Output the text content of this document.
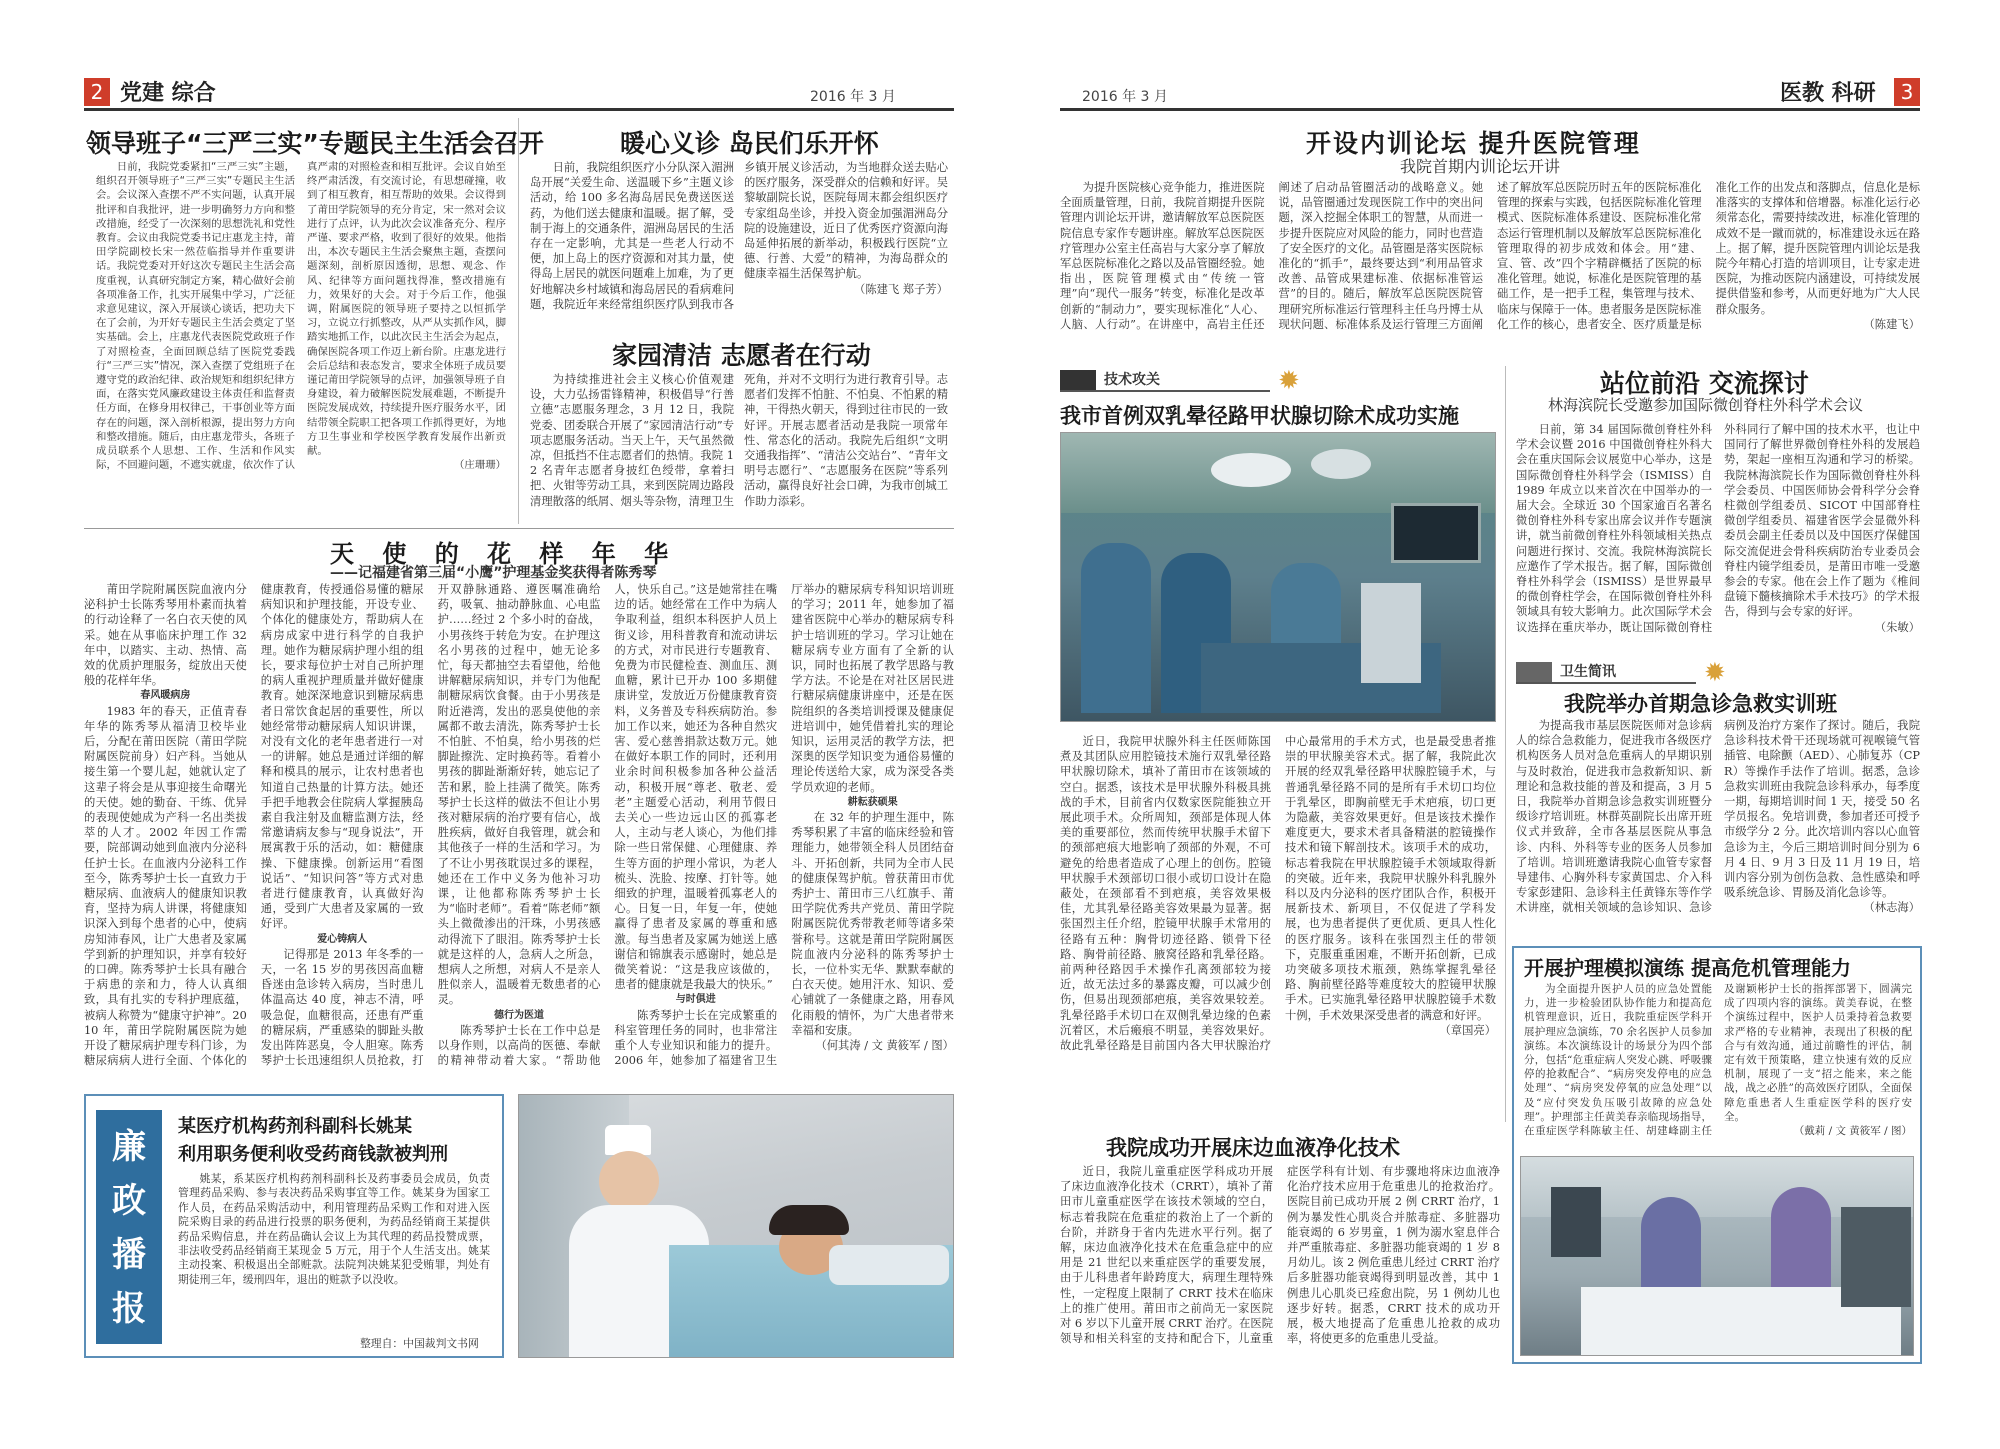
2 党建 综合	2016 年 3 月	2016 年 3 月	医教 科研	3
领导班子“三严三实”专题民主生活会召开

日前，我院党委紧扣“三严三实”主题，组织召开领导班子“三严三实”专题民主生活会。会议深入查摆不严不实问题，认真开展批评和自我批评，进一步明确努力方向和整改措施，经受了一次深刻的思想洗礼和党性教育。会议由我院党委书记庄惠龙主持，莆田学院副校长宋一然莅临指导并作重要讲话。我院党委对开好这次专题民主生活会高度重视，认真研究制定方案，精心做好会前各项准备工作，扎实开展集中学习，广泛征求意见建议，深入开展谈心谈话，把功夫下在了会前，为开好专题民主生活会奠定了坚实基础。会上，庄惠龙代表医院党政班子作了对照检查，全面回顾总结了医院党委践行“三严三实”情况，深入查摆了党组班子在遵守党的政治纪律、政治规矩和组织纪律方面，在落实党风廉政建设主体责任和监督责任方面，在修身用权律己，干事创业等方面存在的问题，深入剖析根源，提出努力方向和整改措施。随后，由庄惠龙带头，各班子成员联系个人思想、工作、生活和作风实际，不回避问题，不遮实就虚，依次作了认真严肃的对照检查和相互批评。会议自始至终严肃活泼，有交流讨论，有思想碰撞，收到了相互教育，相互帮助的效果。会议得到了莆田学院领导的充分肯定，宋一然对会议进行了点评，认为此次会议准备充分、程序严谨、要求严格，收到了很好的效果。他指出，本次专题民主生活会聚焦主题，查摆问题深刻，剖析原因透彻，思想、观念、作风、纪律等方面问题找得准，整改措施有力，效果好的大会。对于今后工作，他强调，附属医院的领导班子要持之以恒抓学习，立说立行抓整改，从严从实抓作风，脚踏实地抓工作，以此次民主生活会为起点，确保医院各项工作迈上新台阶。庄惠龙进行会后总结和表态发言，要求全体班子成员要谨记莆田学院领导的点评，加强领导班子自身建设，着力破解医院发展难题，不断提升医院发展成效，持续提升医疗服务水平，团结带领全院职工把各项工作抓得更好，为地方卫生事业和学校医学教育发展作出新贡献。

（庄珊珊）

暖心义诊 岛民们乐开怀

日前，我院组织医疗小分队深入湄洲岛开展“关爱生命、送温暖下乡”主题义诊活动，给 100 多名海岛居民免费送医送药，为他们送去健康和温暖。据了解，受制于海上的交通条件，湄洲岛居民的生活存在一定影响，尤其是一些老人行动不便，加上岛上的医疗资源和对其力量，使得岛上居民的就医问题难上加难，为了更好地解决乡村域镇和海岛居民的看病难问题，我院近年来经常组织医疗队到我市各乡镇开展义诊活动，为当地群众送去贴心的医疗服务，深受群众的信赖和好评。吴黎敏副院长说，医院每周末都会组织医疗专家组岛坐诊，并投入资金加强湄洲岛分院的设施建设，近日了优秀医疗资源向海岛延伸拓展的新举动，积极践行医院“立德、行善、大爱”的精神，为海岛群众的健康幸福生活保驾护航。

（陈建飞 郑子芳）

家园清洁 志愿者在行动

为持续推进社会主义核心价值观建设，大力弘扬雷锋精神，积极倡导“行善立德”志愿服务理念，3 月 12 日，我院党委、团委联合开展了“家园清洁行动”专项志愿服务活动。当天上午，天气虽然微凉，但抵挡不住志愿者们的热情。我院 12 名青年志愿者身披红色绶带，拿着扫把、火钳等劳动工具，来到医院周边路段清理散落的纸屑、烟头等杂物，清理卫生死角，并对不文明行为进行教育引导。志愿者们发挥不怕脏、不怕臭、不怕累的精神，干得热火朝天，得到过往市民的一致好评。开展志愿者活动是我院一项常年性、常态化的活动。我院先后组织“文明交通我指挥”、“清洁公交站台”、“青年文明号志愿行”、“志愿服务在医院”等系列活动，赢得良好社会口碑，为我市创城工作助力添彩。

天 使 的 花 样 年 华
——记福建省第三届“小鹰”护理基金奖获得者陈秀琴

莆田学院附属医院血液内分泌科护士长陈秀琴用朴素而执着的行动诠释了一名白衣天使的风采。她在从事临床护理工作 32 年中，以踏实、主动、热情、高效的优质护理服务，绽放出天使般的花样年华。

春风暖病房

1983 年的春天，正值青春年华的陈秀琴从福清卫校毕业后，分配在莆田医院（莆田学院附属医院前身）妇产科。当她从接生第一个婴儿起，她就认定了这辈子将会是从事迎接生命曙光的天使。她的勤奋、干练、优异的表现使她成为产科一名出类拔萃的人才。2002 年因工作需要，院部调动她到血液内分泌科任护士长。在血液内分泌科工作至今，陈秀琴护士长一直致力于糖尿病、血液病人的健康知识教育，坚持为病人讲课，将健康知识深入到每个患者的心中，使病房知沛春风，让广大患者及家属学到新的护理知识，并享有较好的口碑。陈秀琴护士长具有融合于病患的亲和力，待人认真细致，具有扎实的专科护理底蕴，被病人称赞为“健康守护神”。2010 年，莆田学院附属医院为她开设了糖尿病护理专科门诊，为糖尿病病人进行全面、个体化的健康教育，传授通俗易懂的糖尿病知识和护理技能，开设专业、个体化的健康处方，帮助病人在病房成家中进行科学的自我护理。她作为糖尿病护理小组的组长，要求每位护士对自己所护理的病人重视护理质量并做好健康教育。她深深地意识到糖尿病患者日常饮食起居的重要性，所以她经常带动糖尿病人知识讲课，对没有文化的老年患者进行一对一的讲解。她总是通过详细的解释和模具的展示，让农村患者也知道自己热量的计算方法。她还手把手地教会住院病人掌握胰岛素自我注射及血糖监测方法，经常邀请病友参与“现身说法”，开展寓教于乐的活动，如：糖健康操、下健康操。创新运用“看图说话”、“知识问答”等方式对患者进行健康教育，认真做好沟通，受到广大患者及家属的一致好评。

爱心铸病人

记得那是 2013 年冬季的一天，一名 15 岁的男孩因高血糖昏迷由急诊转入病房，当时患儿体温高达 40 度，神志不清，呼吸急促，血糖很高，还患有严重的糖尿病，严重感染的脚趾头散发出阵阵恶臭，令人胆寒。陈秀琴护士长迅速组织人员抢救，打开双静脉通路、遵医嘱准确给药，吸氧、抽动静脉血、心电监护……经过 2 个多小时的奋战，小男孩终于转危为安。在护理这名小男孩的过程中，她无论多忙，每天都抽空去看望他，给他讲解糖尿病知识，并专门为他配制糖尿病饮食餐。由于小男孩是附近港湾，发出的恶臭使他的亲属都不敢去清洗，陈秀琴护士长不怕脏、不怕臭，给小男孩的烂脚趾擦洗、定时换药等。看着小男孩的脚趾渐渐好转，她忘记了苦和累，脸上挂满了微笑。陈秀琴护士长这样的做法不但让小男孩对糖尿病的治疗要有信心，战胜疾病，做好自我管理，就会和其他孩子一样的生活和学习。为了不让小男孩耽误过多的课程，她还在工作中义务为他补习功课，让他都称陈秀琴护士长为“临时老师”。看着“陈老师”额头上微微渗出的汗珠，小男孩感动得流下了眼泪。陈秀琴护士长就是这样的人，急病人之所急，想病人之所想，对病人不是亲人胜似亲人，温暖着无数患者的心灵。

德行为医道

陈秀琴护士长在工作中总是以身作则，以高尚的医德、奉献的精神带动着大家。“帮助他人，快乐自己。”这是她常挂在嘴边的话。她经常在工作中为病人争取利益，组织本科医护人员上街义诊，用科普教育和流动讲坛的方式，对市民进行专题教育、免费为市民健检查、测血压、测血糖，累计已开办 100 多期健康讲堂，发放近万份健康教育资料，义务普及专科疾病防治。参加工作以来，她还为各种自然灾害、爱心慈善捐款达数万元。她在做好本职工作的同时，还利用业余时间积极参加各种公益活动，积极开展“尊老、敬老、爱老”主题爱心活动，利用节假日去关心一些边远山区的孤寡老人，主动与老人谈心，为他们排除一些日常保健、心理健康、养生等方面的护理小常识，为老人梳头、洗脸、按摩、打针等。她细致的护理，温暖着孤寡老人的心。日复一日，年复一年，使她赢得了患者及家属的尊重和感激。每当患者及家属为她送上感谢信和锦旗表示感谢时，她总是微笑着说：“这是我应该做的，患者的健康就是我最大的快乐。”

与时俱进

陈秀琴护士长在完成繁重的科室管理任务的同时，也非常注重个人专业知识和能力的提升。2006 年，她参加了福建省卫生厅举办的糖尿病专科知识培训班的学习；2011 年，她参加了福建省医院中心举办的糖尿病专科护士培训班的学习。学习让她在糖尿病专业方面有了全新的认识，同时也拓展了教学思路与教学方法。不论是在对社区居民进行糖尿病健康讲座中，还是在医院组织的各类培训授课及健康促进培训中，她凭借着扎实的理论知识，运用灵活的教学方法，把深奥的医学知识变为通俗易懂的理论传送给大家，成为深受各类学员欢迎的老师。

耕耘获硕果

在 32 年的护理生涯中，陈秀琴积累了丰富的临床经验和管理能力，她带领全科人员团结奋斗、开拓创新，共同为全市人民的健康保驾护航。曾获莆田市优秀护士、莆田市三八红旗手、莆田学院优秀共产党员、莆田学院附属医院优秀带教老师等诸多荣誉称号。这就是莆田学院附属医院血液内分泌科的陈秀琴护士长，一位朴实无华、默默奉献的白衣天使。她用汗水、知识、爱心铺就了一条健康之路，用春风化雨般的情怀，为广大患者带来幸福和安康。

（何其涛 / 文 黄筱军 / 图）

廉
政
播
报
某医疗机构药剂科副科长姚某
利用职务便利收受药商钱款被判刑

姚某，系某医疗机构药剂科副科长及药事委员会成员，负责管理药品采购、参与表决药品采购事宜等工作。姚某身为国家工作人员，在药品采购活动中，利用管理药品采购工作和对进入医院采购目录的药品进行投票的职务便利，为药品经销商王某提供药品采购信息，并在药品确认会议上为其代理的药品投赞成票，非法收受药品经销商王某现金 5 万元，用于个人生活支出。姚某主动投案、积极退出全部赃款。法院判决姚某犯受贿罪，判处有期徒刑三年，缓刑四年，退出的赃款予以没收。

整理自：中国裁判文书网
开设内训论坛 提升医院管理
我院首期内训论坛开讲

为提升医院核心竞争能力，推进医院全面质量管理，日前，我院首期提升医院管理内训论坛开讲，邀请解放军总医院医院信息专家作专题讲座。解放军总医院医疗管理办公室主任高岩与大家分享了解放军总医院标准化之路以及品管圈经验。她指出，医院管理模式由“传统一管理”向“现代一服务”转变，标准化是改革创新的“制动力”，要实现标准化“人心、人脑、人行动”。在讲座中，高岩主任还阐述了启动品管圈活动的战略意义。她说，品管圈通过发现医院工作中的突出问题，深入挖掘全体职工的智慧，从而进一步提升医院应对风险的能力，同时也营造了安全医疗的文化。品管圈是落实医院标准化的“抓手”，最终要达到“利用品管求改善、品管成果建标准、依据标准管运营”的目的。随后，解放军总医院医院管理研究所标准运行管理科主任乌丹博士从现状问题、标准体系及运行管理三方面阐述了解放军总医院历时五年的医院标准化管理的探索与实践，包括医院标准化管理模式、医院标准体系建设、医院标准化常态运行管理机制以及解放军总医院标准化管理取得的初步成效和体会。用“建、宣、管、改”四个字精辟概括了医院的标准化管理。她说，标准化是医院管理的基础工作，是一把手工程，集管理与技术、临床与保障于一体。患者服务是医院标准化工作的核心，患者安全、医疗质量是标准化工作的出发点和落脚点，信息化是标准落实的支撑体和倍增器。标准化运行必须常态化，需要持续改进，标准化管理的成效不是一蹴而就的，标准建设永远在路上。据了解，提升医院管理内训论坛是我院今年精心打造的培训项目，让专家走进医院，为推动医院内涵建设，可持续发展提供借鉴和参考，从而更好地为广大人民群众服务。

（陈建飞）

技术攻关	✹
我市首例双乳晕径路甲状腺切除术成功实施

近日，我院甲状腺外科主任医师陈国煮及其团队应用腔镜技术施行双乳晕径路甲状腺切除术，填补了莆田市在该领域的空白。据悉，该技术是甲状腺外科极具挑战的手术，目前省内仅数家医院能独立开展此项手术。众所周知，颈部是体现人体美的重要部位，然而传统甲状腺手术留下的颈部疤痕大地影响了颈部的外观，不可避免的给患者造成了心理上的创伤。腔镜甲状腺手术颈部切口很小或切口设计在隐蔽处，在颈部看不到疤痕，美容效果极佳，尤其乳晕径路美容效果最为显著。据张国烈主任介绍，腔镜甲状腺手术常用的径路有五种：胸骨切迹径路、锁骨下径路、胸骨前径路、腋窝径路和乳晕径路。前两种径路因手术操作孔离颈部较为接近，故无法过多的暴露皮瓣，可以减少创伤，但易出现颈部疤痕，美容效果较差。乳晕径路手术切口在双侧乳晕边缘的色素沉着区，术后瘢痕不明显，美容效果好。故此乳晕径路是目前国内各大甲状腺治疗中心最常用的手术方式，也是最受患者推崇的甲状腺美容术式。据了解，我院此次开展的经双乳晕径路甲状腺腔镜手术，与普通乳晕径路不同的是所有手术切口均位于乳晕区，即胸前壁无手术疤痕，切口更为隐蔽，美容效果更好。但是该技术操作难度更大，要求术者具备精湛的腔镜操作技术和镜下解剖技术。该项手术的成功，标志着我院在甲状腺腔镜手术领域取得新的突破。近年来，我院甲状腺外科乳腺外科以及内分泌科的医疗团队合作，积极开展新技术、新项目，不仅促进了学科发展，也为患者提供了更优质、更具人性化的医疗服务。该科在张国烈主任的带领下，克服重重困难，不断开拓创新，已成功突破多项技术瓶颈，熟练掌握乳晕径路、胸前壁径路等难度较大的腔镜甲状腺手术。已实施乳晕径路甲状腺腔镜手术数十例，手术效果深受患者的满意和好评。

（章国亮）

站位前沿 交流探讨
林海滨院长受邀参加国际微创脊柱外科学术会议

日前，第 34 届国际微创脊柱外科学术会议暨 2016 中国微创脊柱外科大会在重庆国际会议展览中心举办，这是国际微创脊柱外科学会（ISMISS）自 1989 年成立以来首次在中国举办的一届大会。全球近 30 个国家逾百名著名微创脊柱外科专家出席会议并作专题演讲，就当前微创脊柱外科领域相关热点问题进行探讨、交流。我院林海滨院长应邀作了学术报告。据了解，国际微创脊柱外科学会（ISMISS）是世界最早的微创脊柱学会，在国际微创脊柱外科领域具有较大影响力。此次国际学术会议选择在重庆举办，既让国际微创脊柱外科同行了解中国的技术水平，也让中国同行了解世界微创脊柱外科的发展趋势，架起一座相互沟通和学习的桥梁。我院林海滨院长作为国际微创脊柱外科学会委员、中国医师协会骨科学分会脊柱微创学组委员、SICOT 中国部脊柱微创学组委员、福建省医学会显微外科委员会副主任委员以及中国医疗保健国际交流促进会骨科疾病防治专业委员会脊柱内镜学组委员，是莆田市唯一受邀参会的专家。他在会上作了题为《椎间盘镜下髓核摘除术手术技巧》的学术报告，得到与会专家的好评。

（朱敏）

卫生简讯	✹
我院举办首期急诊急救实训班

为提高我市基层医院医师对急诊病人的综合急救能力，促进我市各级医疗机构医务人员对急危重病人的早期识别与及时救治，促进我市急救新知识、新理论和急救技能的普及和提高，3 月 5 日，我院举办首期急诊急救实训班暨分级诊疗培训班。林群英副院长出席开班仪式并致辞，全市各基层医院从事急诊、内科、外科等专业的医务人员参加了培训。培训班邀请我院心血管专家督导建伟、心胸外科专家黄国忠、介入科专家彭建阳、急诊科主任黄锋东等作学术讲座，就相关领域的急诊知识、急诊病例及治疗方案作了探讨。随后，我院急诊科技术骨干还现场就可视喉镜气管插管、电除颤（AED）、心肺复苏（CPR）等操作手法作了培训。据悉，急诊急救实训班由我院急诊科承办，每季度一期，每期培训时间 1 天，接受 50 名学员报名。免培训费，参加者还可授予市级学分 2 分。此次培训内容以心血管急诊为主，今后三期培训时间分别为 6 月 4 日、9 月 3 日及 11 月 19 日，培训内容分别为创伤急救、急性感染和呼吸系统急诊、胃肠及消化急诊等。

（林志海）

开展护理模拟演练 提高危机管理能力

为全面提升医护人员的应急处置能力，进一步检验团队协作能力和提高危机管理意识，近日，我院重症医学科开展护理应急演练，70 余名医护人员参加演练。本次演练设计的场景分为四个部分，包括“危重症病人突发心跳、呼吸骤停的抢救配合”、“病房突发停电的应急处理”、“病房突发停氧的应急处理”以及“应付突发负压吸引故障的应急处理”。护理部主任黄美春亲临现场指导，在重症医学科陈敏主任、胡建峰副主任及谢颖彬护士长的指挥部署下，圆满完成了四项内容的演练。黄美春说，在整个演练过程中，医护人员秉持着急救要求严格的专业精神，表现出了积极的配合与有效沟通，通过前瞻性的评估，制定有效干预策略，建立快速有效的反应机制，展现了一支“招之能来，来之能战，战之必胜”的高效医疗团队，全面保障危重患者人生重症医学科的医疗安全。

（戴莉 / 文 黄筱军 / 图）

我院成功开展床边血液净化技术

近日，我院儿童重症医学科成功开展了床边血液净化技术（CRRT），填补了莆田市儿童重症医学在该技术领域的空白，标志着我院在危重症的救治上了一个新的台阶，并跻身于省内先进水平行列。据了解，床边血液净化技术在危重急症中的应用是 21 世纪以来重症医学的重要发展，由于儿科患者年龄跨度大，病理生理特殊性，一定程度上限制了 CRRT 技术在临床上的推广使用。莆田市之前尚无一家医院对 6 岁以下儿童开展 CRRT 治疗。在医院领导和相关科室的支持和配合下，儿童重症医学科有计划、有步骤地将床边血液净化治疗技术应用于危重患儿的抢救治疗。医院目前已成功开展 2 例 CRRT 治疗，1 例为暴发性心肌炎合并脓毒症、多脏器功能衰竭的 6 岁男童，1 例为溺水窒息伴合并严重脓毒症、多脏器功能衰竭的 1 岁 8 月幼儿。该 2 例危重患儿经过 CRRT 治疗后多脏器功能衰竭得到明显改善，其中 1 例患儿心肌炎已痊愈出院，另 1 例幼儿也逐步好转。据悉，CRRT 技术的成功开展，极大地提高了危重患儿抢救的成功率，将使更多的危重患儿受益。
